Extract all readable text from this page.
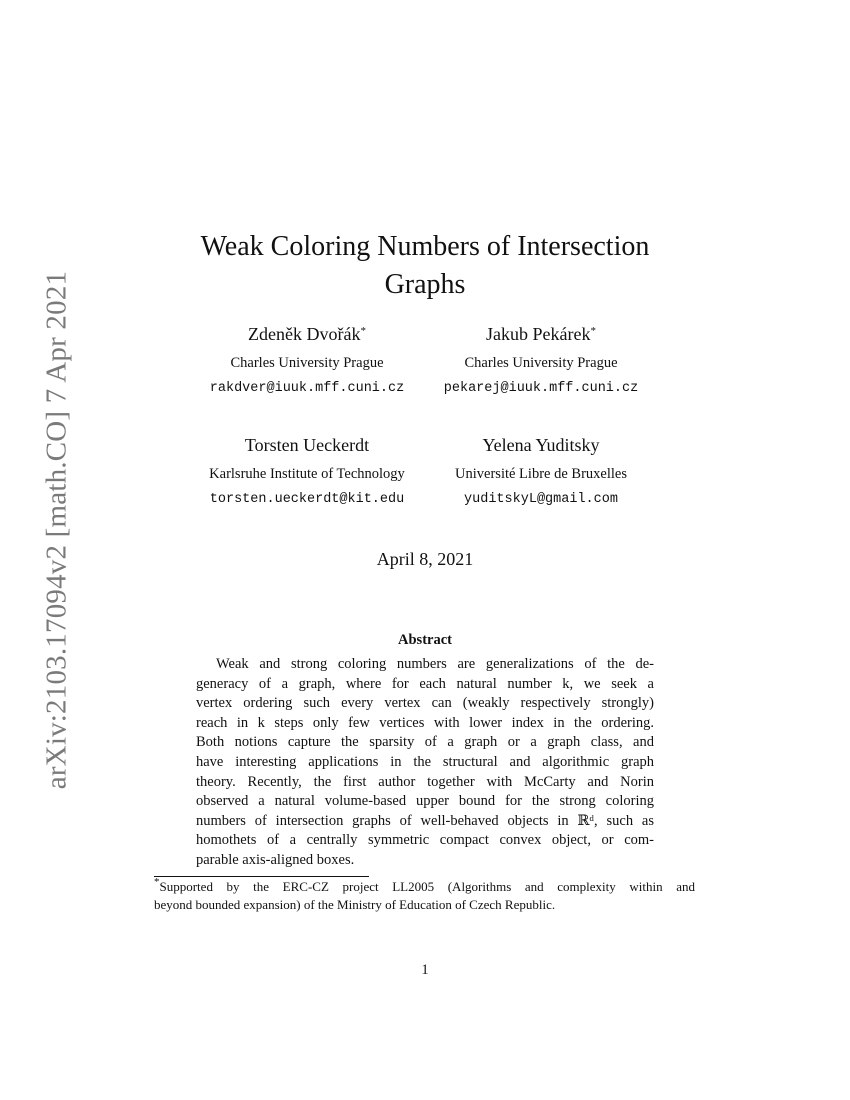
arXiv:2103.17094v2 [math.CO] 7 Apr 2021
Weak Coloring Numbers of Intersection
Graphs
Zdeněk Dvořák*
Charles University Prague
rakdver@iuuk.mff.cuni.cz
Jakub Pekárek*
Charles University Prague
pekarej@iuuk.mff.cuni.cz
Torsten Ueckerdt
Karlsruhe Institute of Technology
torsten.ueckerdt@kit.edu
Yelena Yuditsky
Université Libre de Bruxelles
yuditskyL@gmail.com
April 8, 2021
Abstract
Weak and strong coloring numbers are generalizations of the de-
generacy of a graph, where for each natural number k, we seek a
vertex ordering such every vertex can (weakly respectively strongly)
reach in k steps only few vertices with lower index in the ordering.
Both notions capture the sparsity of a graph or a graph class, and
have interesting applications in the structural and algorithmic graph
theory. Recently, the first author together with McCarty and Norin
observed a natural volume-based upper bound for the strong coloring
numbers of intersection graphs of well-behaved objects in ℝᵈ, such as
homothets of a centrally symmetric compact convex object, or com-
parable axis-aligned boxes.
*Supported by the ERC-CZ project LL2005 (Algorithms and complexity within and
beyond bounded expansion) of the Ministry of Education of Czech Republic.
1
